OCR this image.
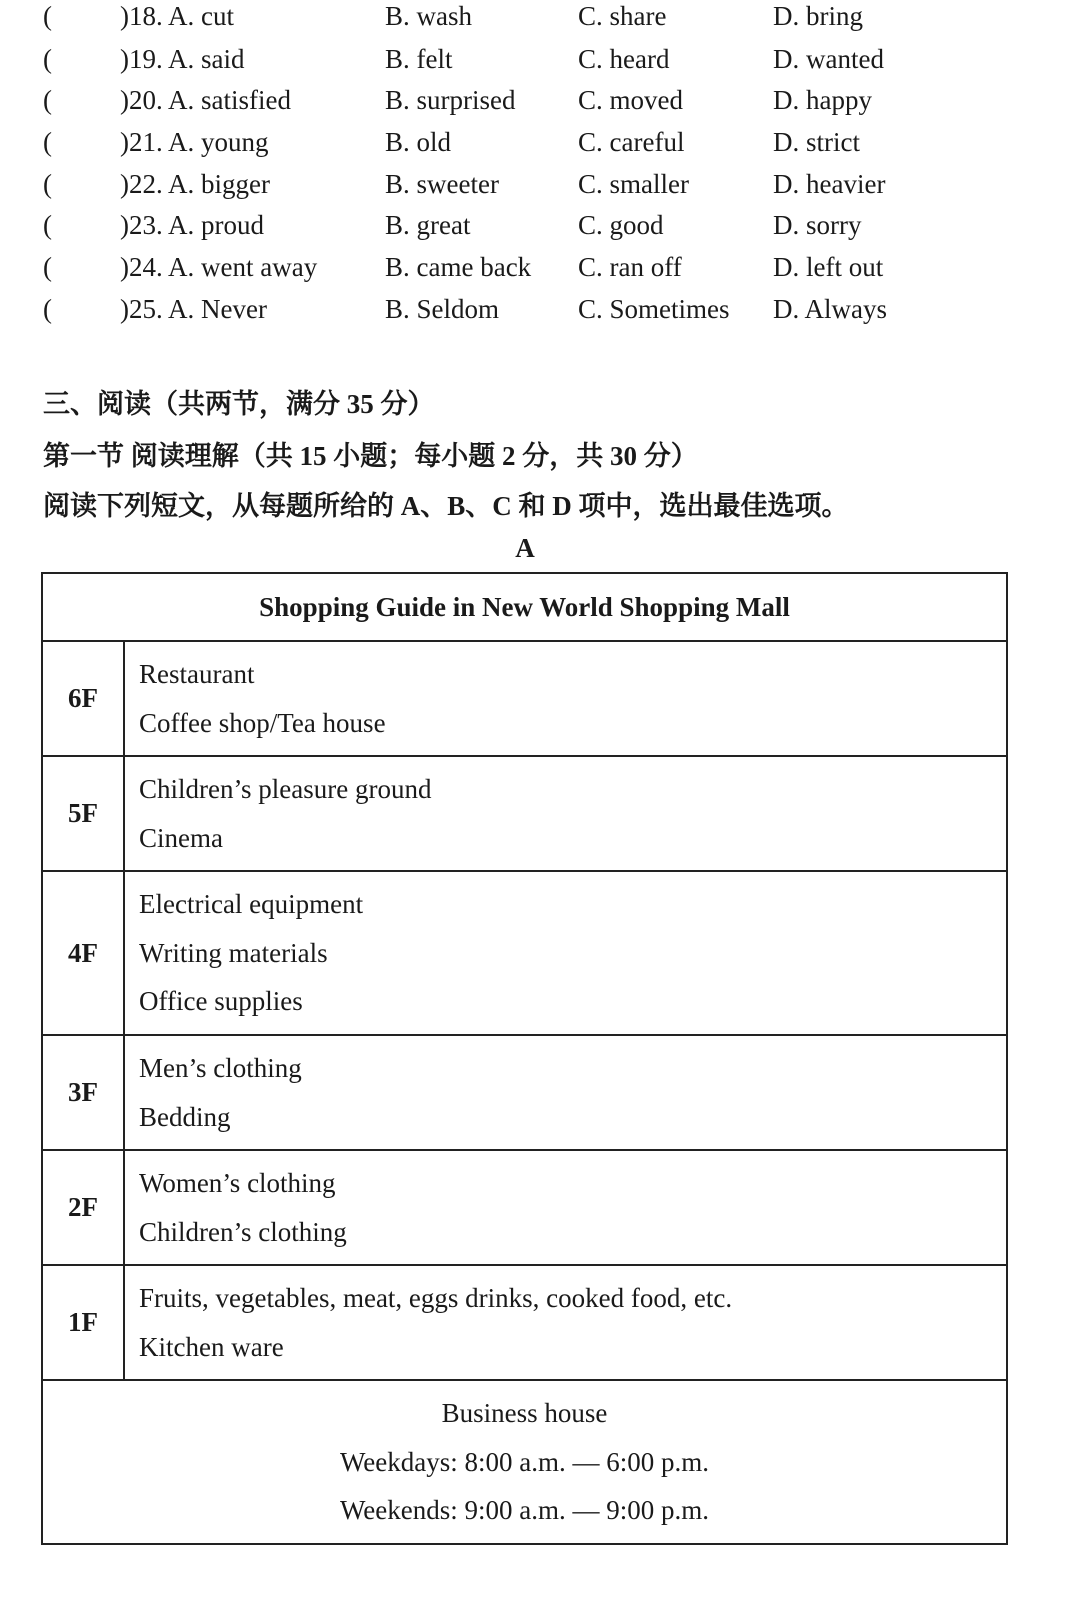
(	)18. A. cut	B. wash	C. share	D. bring
(	)19. A. said	B. felt	C. heard	D. wanted
(	)20. A. satisfied	B. surprised C. moved	D. happy
(	)21. A. young	B. old	C. careful	D. strict
(	)22. A. bigger	B. sweeter	C. smaller	D. heavier
(	)23. A. proud	B. great	C. good	D. sorry
(	)24. A. went away	B. came back C. ran off	D. left out
(	)25. A. Never	B. Seldom	C. Sometimes D. Always
三、阅读（共两节，满分 35 分）
第一节 阅读理解（共 15 小题；每小题 2 分，共 30 分）
阅读下列短文，从每题所给的 A、B、C 和 D 项中，选出最佳选项。
A
Shopping Guide in New World Shopping Mall	
6F	Restaurant
Coffee shop/Tea house

5F	Children’s pleasure ground
Cinema

4F	Electrical equipment
Writing materials
Office supplies

3F	Men’s clothing
Bedding

2F	Women’s clothing
Children’s clothing

1F	Fruits, vegetables, meat, eggs drinks, cooked food, etc.
Kitchen ware

Business house
Weekdays: 8:00 a.m. — 6:00 p.m.
Weekends: 9:00 a.m. — 9:00 p.m.	
